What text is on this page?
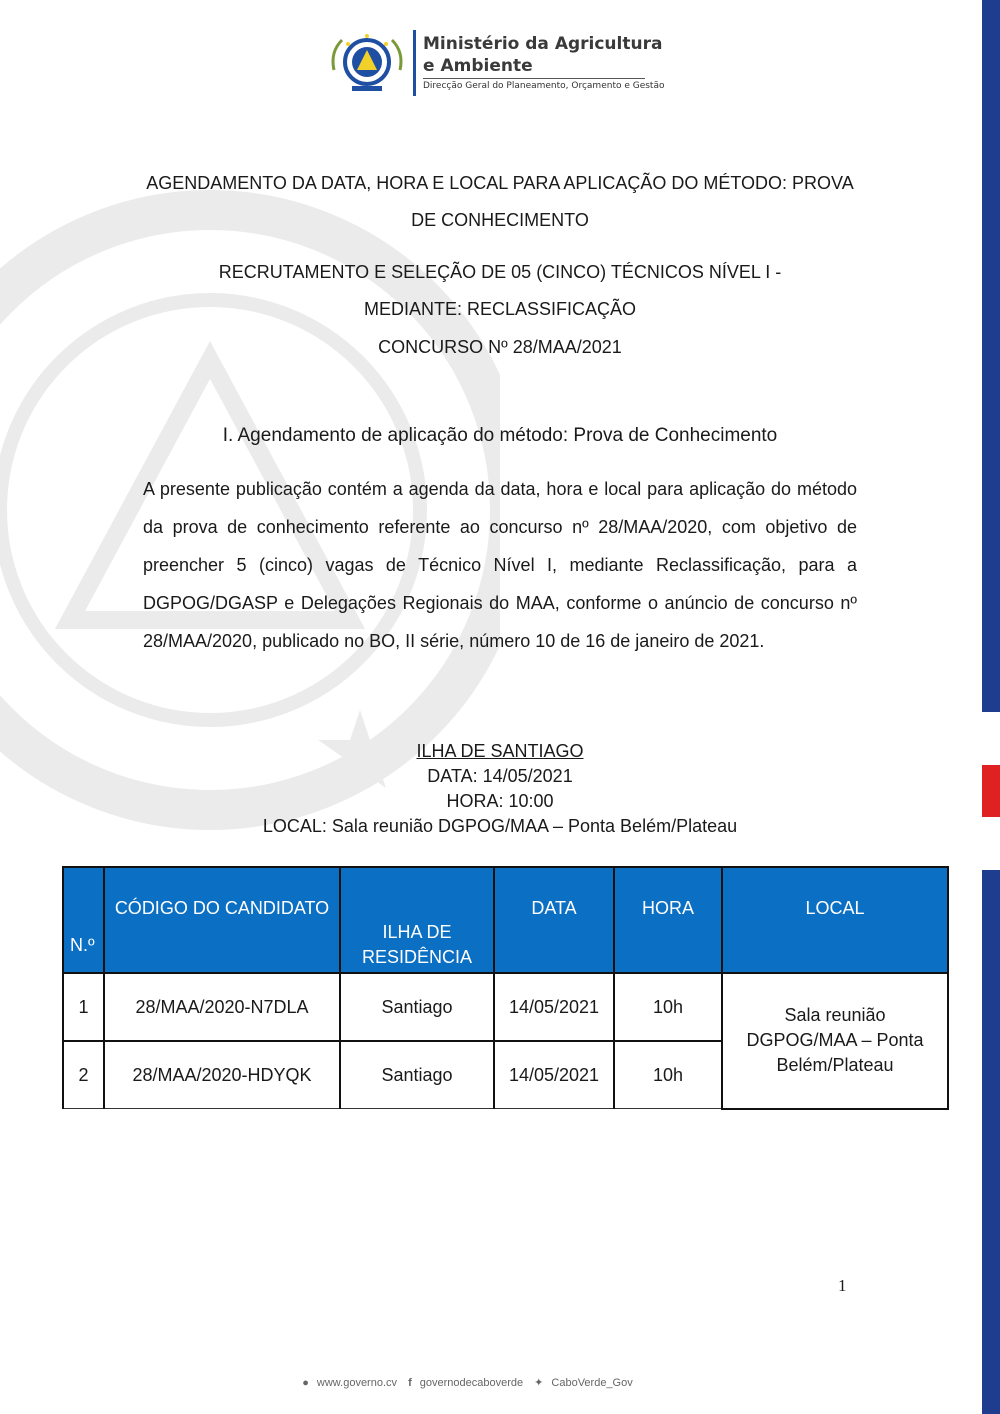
Ministério da Agricultura
e Ambiente
Direcção Geral do Planeamento, Orçamento e Gestão
AGENDAMENTO DA DATA, HORA E LOCAL PARA APLICAÇÃO DO MÉTODO: PROVA
DE CONHECIMENTO
RECRUTAMENTO E SELEÇÃO DE 05 (CINCO) TÉCNICOS NÍVEL I -
MEDIANTE: RECLASSIFICAÇÃO
CONCURSO Nº 28/MAA/2021
I. Agendamento de aplicação do método: Prova de Conhecimento
A presente publicação contém a agenda da data, hora e local para aplicação do método da prova de conhecimento referente ao concurso nº 28/MAA/2020, com objetivo de preencher 5 (cinco) vagas de Técnico Nível I, mediante Reclassificação, para a DGPOG/DGASP e Delegações Regionais do MAA, conforme o anúncio de concurso nº 28/MAA/2020, publicado no BO, II série, número 10 de 16 de janeiro de 2021.
ILHA DE SANTIAGO
DATA: 14/05/2021
HORA: 10:00
LOCAL: Sala reunião DGPOG/MAA – Ponta Belém/Plateau
N.º	CÓDIGO DO CANDIDATO	ILHA DE RESIDÊNCIA	DATA	HORA	LOCAL
1	28/MAA/2020-N7DLA	Santiago	14/05/2021	10h	Sala reunião DGPOG/MAA – Ponta Belém/Plateau
2	28/MAA/2020-HDYQK	Santiago	14/05/2021	10h	
1
● www.governo.cv f governodecaboverde ✦ CaboVerde_Gov
